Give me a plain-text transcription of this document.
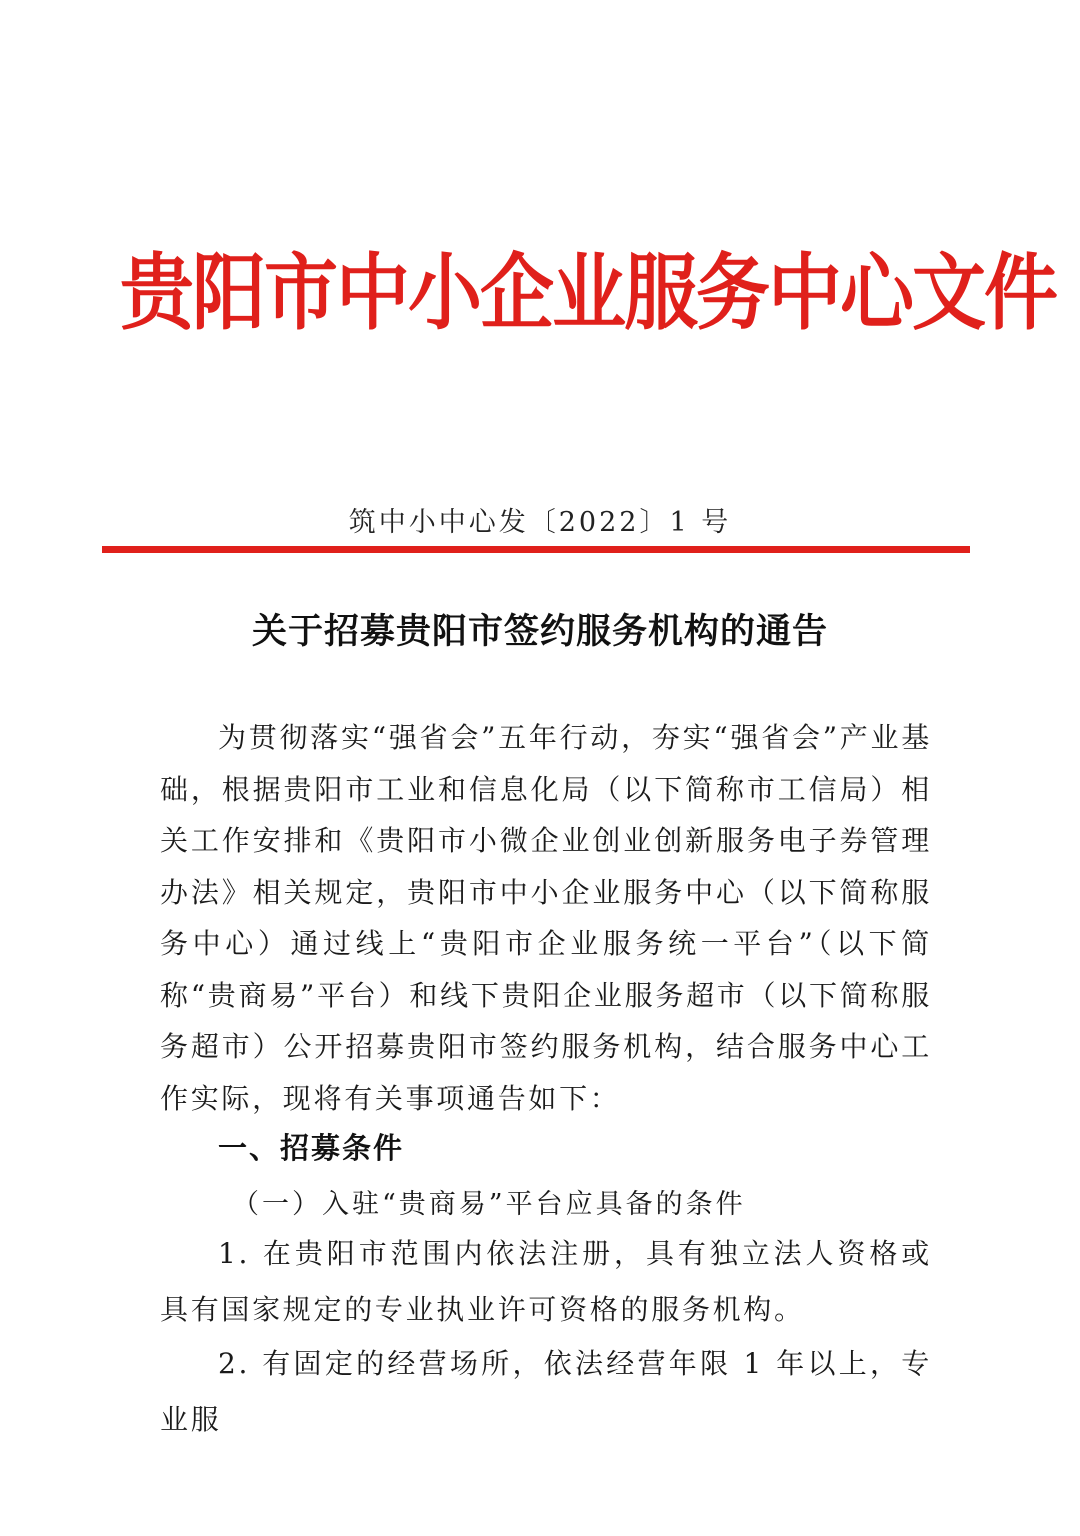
贵阳市中小企业服务中心文件
筑中小中心发〔2022〕1 号
关于招募贵阳市签约服务机构的通告

为贯彻落实“强省会”五年行动，夯实“强省会”产业基础，根据贵阳市工业和信息化局（以下简称市工信局）相关工作安排和《贵阳市小微企业创业创新服务电子券管理办法》相关规定，贵阳市中小企业服务中心（以下简称服务中心）通过线上“贵阳市企业服务统一平台”（以下简称“贵商易”平台）和线下贵阳企业服务超市（以下简称服务超市）公开招募贵阳市签约服务机构，结合服务中心工作实际，现将有关事项通告如下：

一、招募条件
（一）入驻“贵商易”平台应具备的条件

1. 在贵阳市范围内依法注册，具有独立法人资格或具有国家规定的专业执业许可资格的服务机构。

2. 有固定的经营场所，依法经营年限 1 年以上，专业服
